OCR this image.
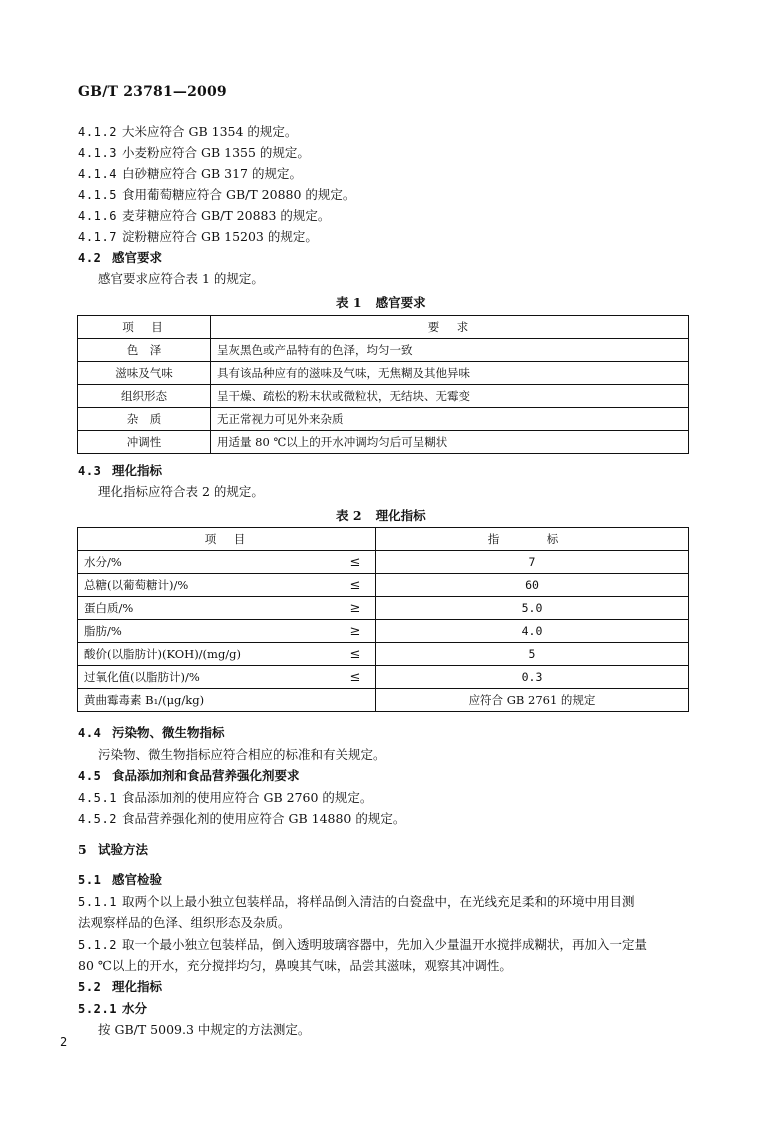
GB/T 23781—2009
4.1.2 大米应符合 GB 1354 的规定。
4.1.3 小麦粉应符合 GB 1355 的规定。
4.1.4 白砂糖应符合 GB 317 的规定。
4.1.5 食用葡萄糖应符合 GB/T 20880 的规定。
4.1.6 麦芽糖应符合 GB/T 20883 的规定。
4.1.7 淀粉糖应符合 GB 15203 的规定。
4.2 感官要求
感官要求应符合表 1 的规定。
表 1 感官要求
项　目	要　求
色　泽	呈灰黑色或产品特有的色泽，均匀一致
滋味及气味	具有该品种应有的滋味及气味，无焦糊及其他异味
组织形态	呈干燥、疏松的粉末状或微粒状，无结块、无霉变
杂　质	无正常视力可见外来杂质
冲调性	用适量 80 ℃以上的开水冲调均匀后可呈糊状
4.3 理化指标
理化指标应符合表 2 的规定。
表 2 理化指标
项　目		指　标
水分/%	≤	7
总糖(以葡萄糖计)/%	≤	60
蛋白质/%	≥	5.0
脂肪/%	≥	4.0
酸价(以脂肪计)(KOH)/(mg/g)	≤	5
过氧化值(以脂肪计)/%	≤	0.3
黄曲霉毒素 B₁/(μg/kg)		应符合 GB 2761 的规定
4.4 污染物、微生物指标
污染物、微生物指标应符合相应的标准和有关规定。
4.5 食品添加剂和食品营养强化剂要求
4.5.1 食品添加剂的使用应符合 GB 2760 的规定。
4.5.2 食品营养强化剂的使用应符合 GB 14880 的规定。
5 试验方法
5.1 感官检验
5.1.1 取两个以上最小独立包装样品，将样品倒入清洁的白瓷盘中，在光线充足柔和的环境中用目测
法观察样品的色泽、组织形态及杂质。
5.1.2 取一个最小独立包装样品，倒入透明玻璃容器中，先加入少量温开水搅拌成糊状，再加入一定量
80 ℃以上的开水，充分搅拌均匀，鼻嗅其气味，品尝其滋味，观察其冲调性。
5.2 理化指标
5.2.1 水分
按 GB/T 5009.3 中规定的方法测定。
2
